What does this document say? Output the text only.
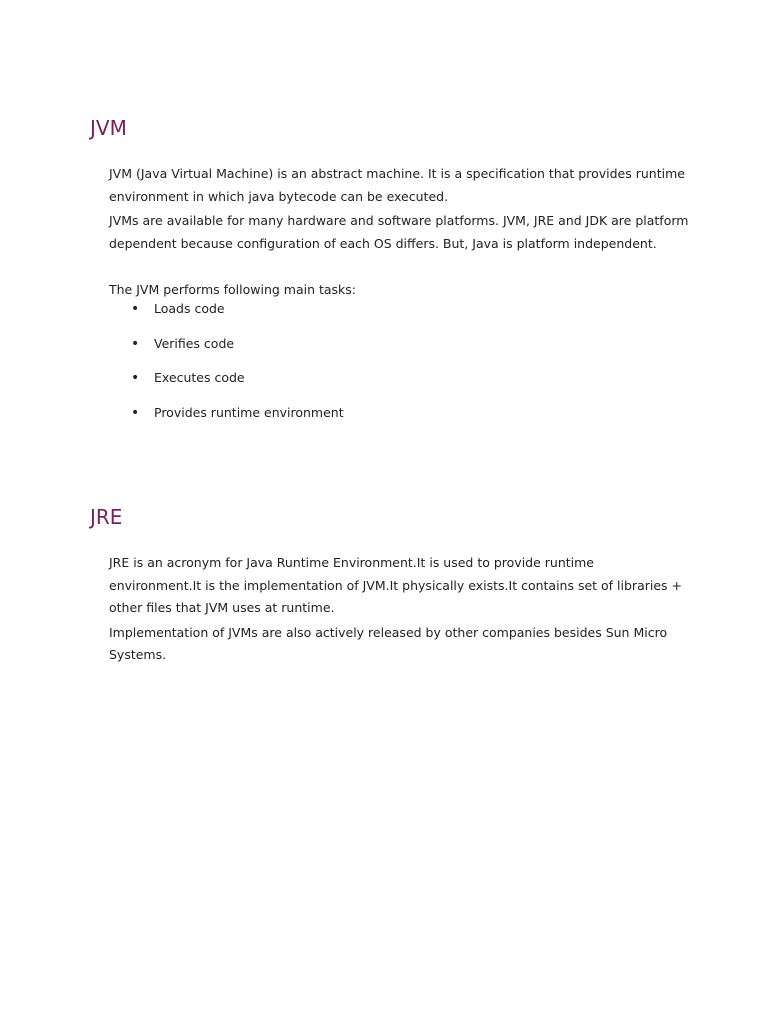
JVM

JVM (Java Virtual Machine) is an abstract machine. It is a specification that provides runtime environment in which java bytecode can be executed.

JVMs are available for many hardware and software platforms. JVM, JRE and JDK are platform dependent because configuration of each OS differs. But, Java is platform independent.

The JVM performs following main tasks:

• Loads code
• Verifies code
• Executes code
• Provides runtime environment
JRE

JRE is an acronym for Java Runtime Environment.It is used to provide runtime environment.It is the implementation of JVM.It physically exists.It contains set of libraries + other files that JVM uses at runtime.

Implementation of JVMs are also actively released by other companies besides Sun Micro Systems.
